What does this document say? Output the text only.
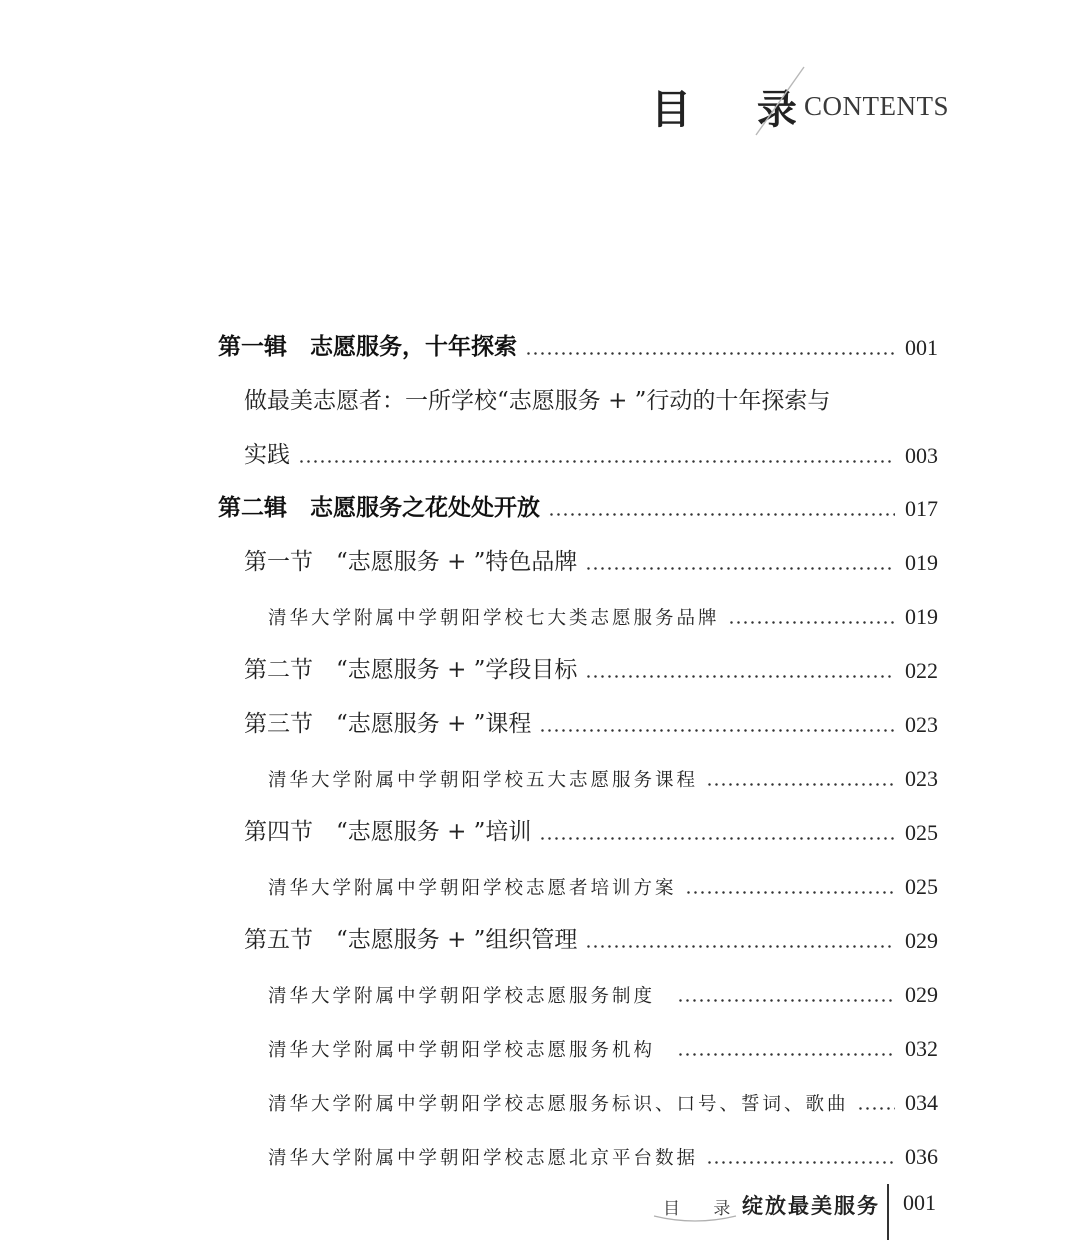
目 录
CONTENTS
第一辑　志愿服务，十年探索	001
做最美志愿者：一所学校“志愿服务 + ”行动的十年探索与
实践	003
第二辑　志愿服务之花处处开放	017
第一节　“志愿服务 + ”特色品牌	019
清华大学附属中学朝阳学校七大类志愿服务品牌	019
第二节　“志愿服务 + ”学段目标	022
第三节　“志愿服务 + ”课程	023
清华大学附属中学朝阳学校五大志愿服务课程	023
第四节　“志愿服务 + ”培训	025
清华大学附属中学朝阳学校志愿者培训方案	025
第五节　“志愿服务 + ”组织管理	029
清华大学附属中学朝阳学校志愿服务制度	029
清华大学附属中学朝阳学校志愿服务机构	032
清华大学附属中学朝阳学校志愿服务标识、口号、誓词、歌曲	034
清华大学附属中学朝阳学校志愿北京平台数据	036
目 录
绽放最美服务 001
